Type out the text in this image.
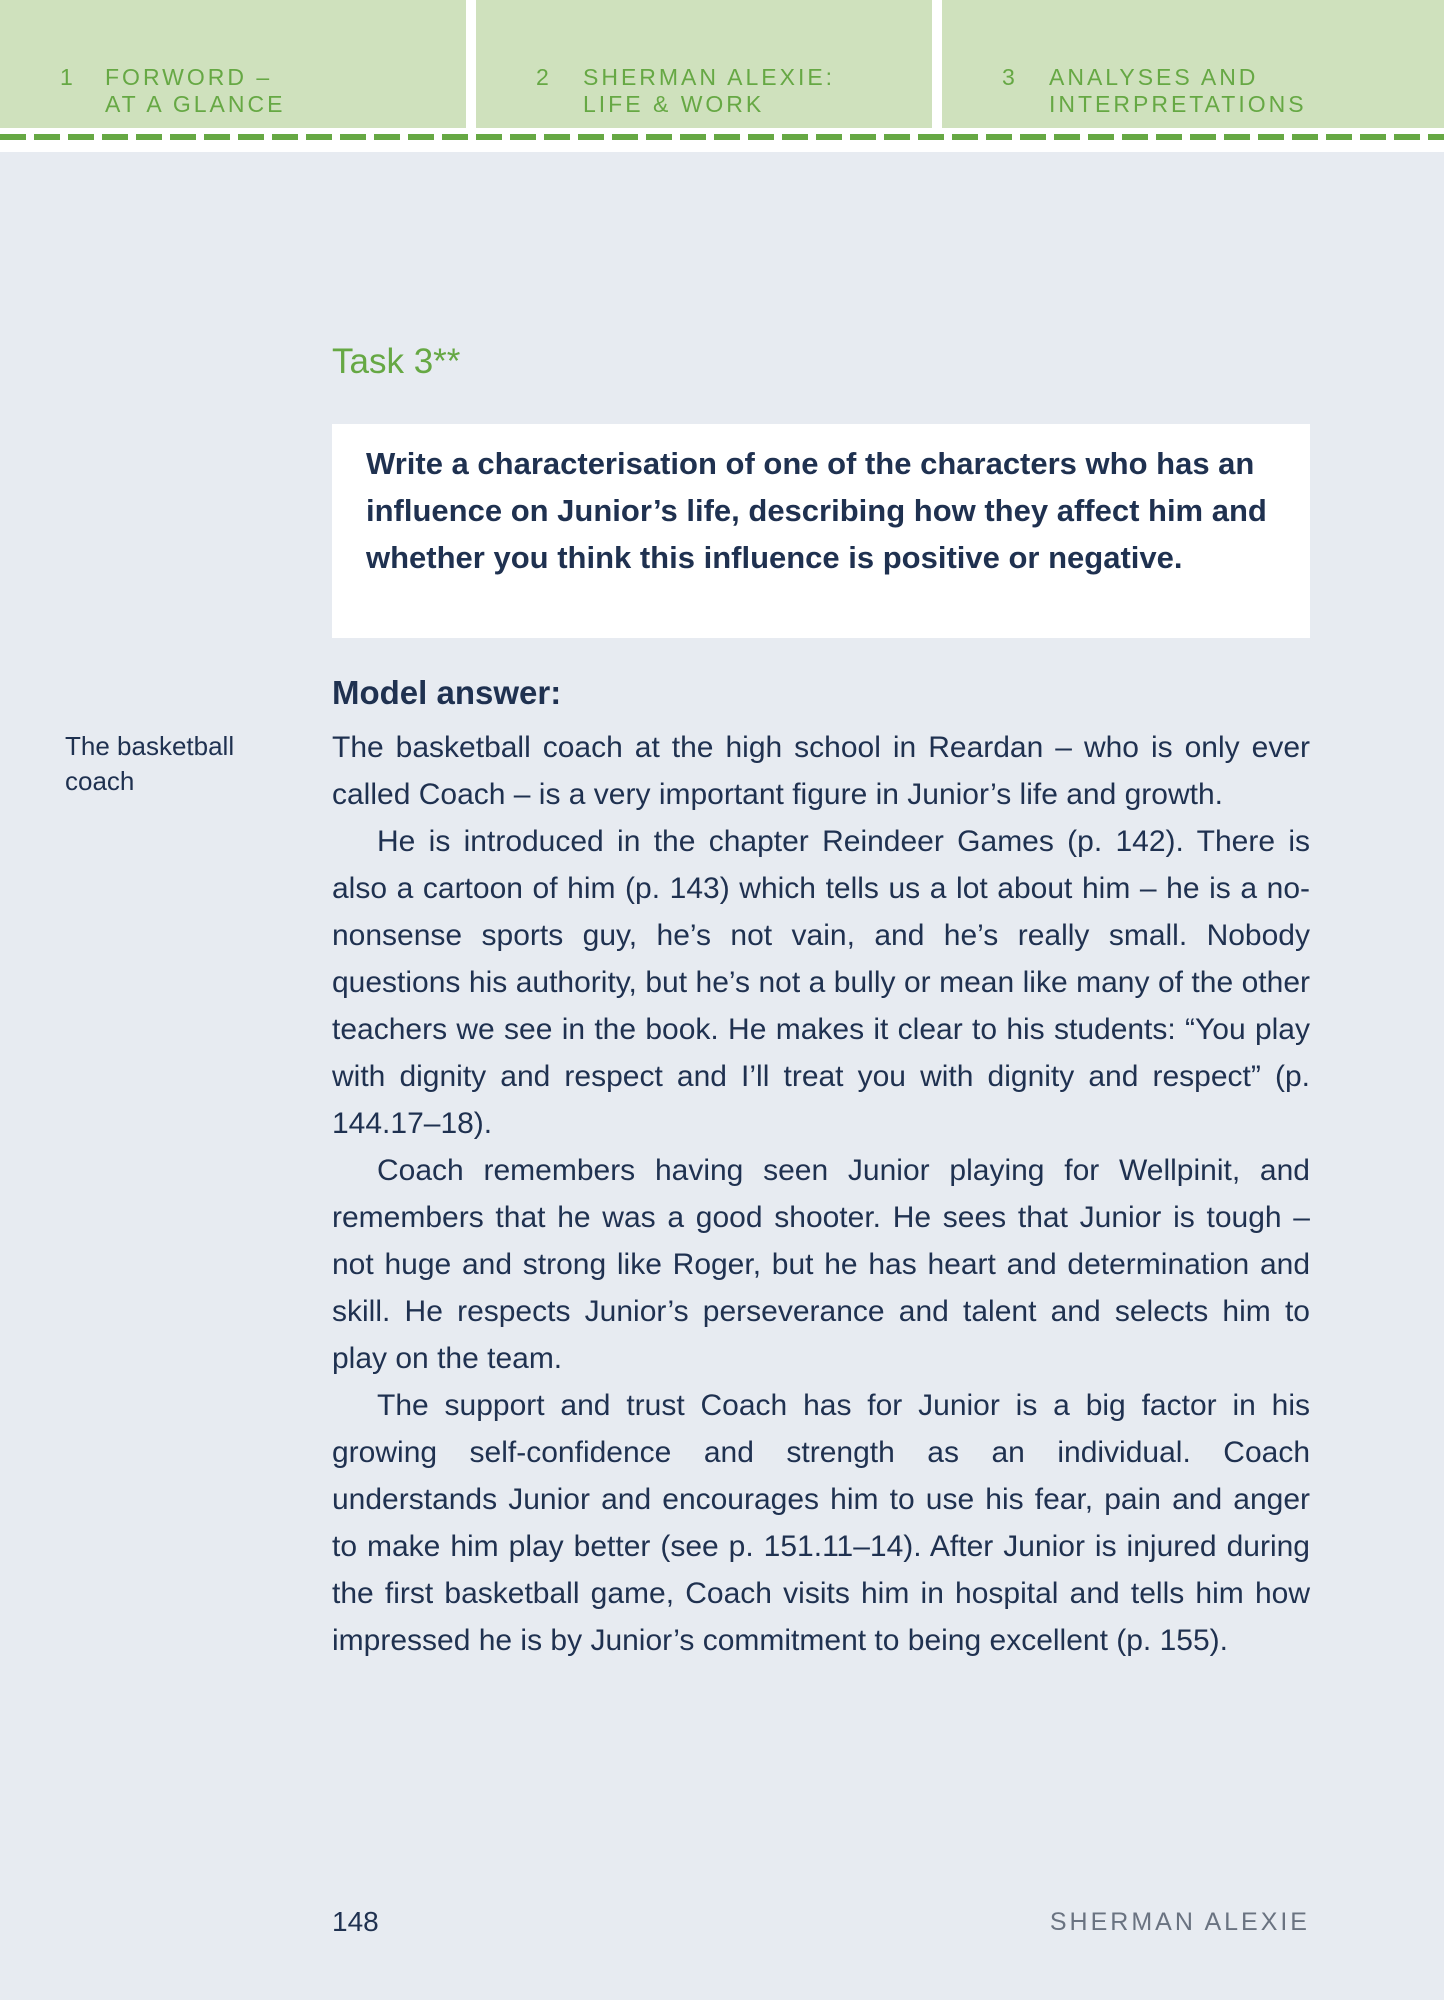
1 FORWORD –
AT A GLANCE
2 SHERMAN ALEXIE:
LIFE & WORK
3 ANALYSES AND
INTERPRETATIONS
Task 3**

Write a characterisation of one of the characters who has an influence on Junior’s life, describing how they affect him and whether you think this influence is positive or negative.

Model answer:

The basketball coach

The basketball coach at the high school in Reardan – who is only ever called Coach – is a very important figure in Junior’s life and growth.

He is introduced in the chapter Reindeer Games (p. 142). There is also a cartoon of him (p. 143) which tells us a lot about him – he is a no-nonsense sports guy, he’s not vain, and he’s really small. Nobody questions his authority, but he’s not a bully or mean like many of the other teachers we see in the book. He makes it clear to his students: “You play with dignity and respect and I’ll treat you with dignity and respect” (p. 144.17–18).

Coach remembers having seen Junior playing for Wellpinit, and remembers that he was a good shooter. He sees that Junior is tough – not huge and strong like Roger, but he has heart and determination and skill. He respects Junior’s perseverance and talent and selects him to play on the team.

The support and trust Coach has for Junior is a big factor in his growing self-confidence and strength as an individual. Coach understands Junior and encourages him to use his fear, pain and anger to make him play better (see p. 151.11–14). After Junior is injured during the first basketball game, Coach visits him in hospital and tells him how impressed he is by Junior’s commitment to being excellent (p. 155).

148	SHERMAN ALEXIE
